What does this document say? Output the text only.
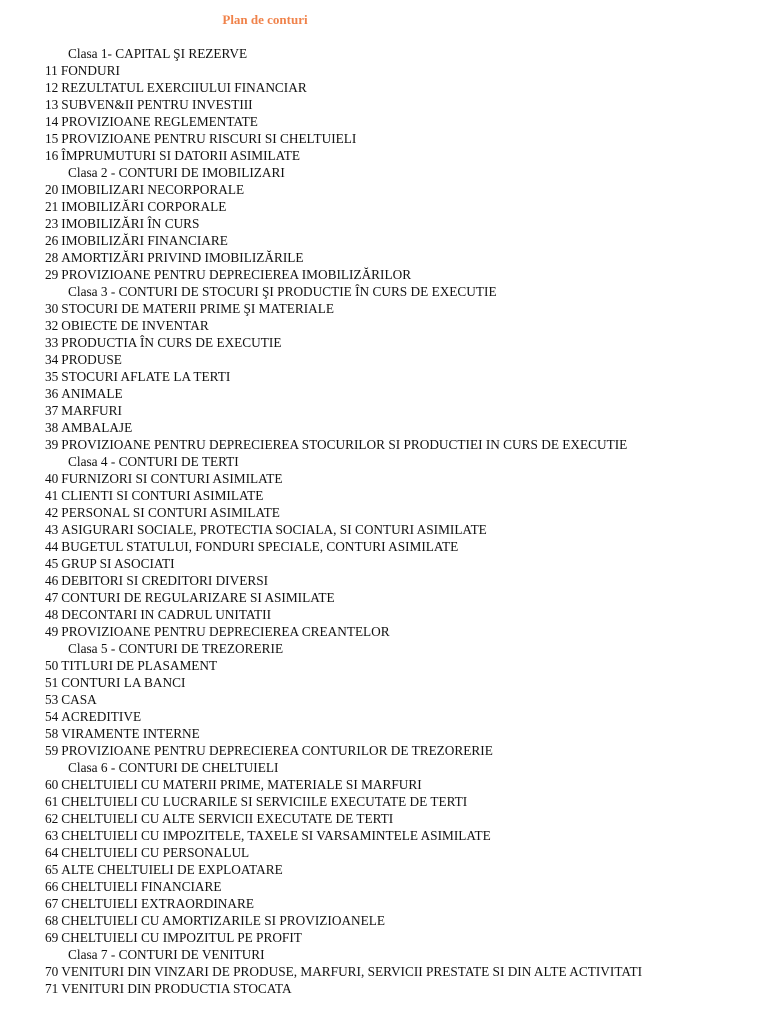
Plan de conturi
Clasa 1- CAPITAL ŞI REZERVE
11 FONDURI
12 REZULTATUL EXERCIIULUI FINANCIAR
13 SUBVEN&II PENTRU INVESTIII
14 PROVIZIOANE REGLEMENTATE
15 PROVIZIOANE PENTRU RISCURI SI CHELTUIELI
16 ÎMPRUMUTURI SI DATORII ASIMILATE
Clasa 2 - CONTURI DE IMOBILIZARI
20 IMOBILIZARI NECORPORALE
21 IMOBILIZĂRI CORPORALE
23 IMOBILIZĂRI ÎN CURS
26 IMOBILIZĂRI FINANCIARE
28 AMORTIZĂRI PRIVIND IMOBILIZĂRILE
29 PROVIZIOANE PENTRU DEPRECIEREA IMOBILIZĂRILOR
Clasa 3 - CONTURI DE STOCURI ŞI PRODUCTIE ÎN CURS DE EXECUTIE
30 STOCURI DE MATERII PRIME ŞI MATERIALE
32 OBIECTE DE INVENTAR
33 PRODUCTIA ÎN CURS DE EXECUTIE
34 PRODUSE
35 STOCURI AFLATE LA TERTI
36 ANIMALE
37 MARFURI
38 AMBALAJE
39 PROVIZIOANE PENTRU DEPRECIEREA STOCURILOR SI PRODUCTIEI IN CURS DE EXECUTIE
Clasa 4 - CONTURI DE TERTI
40 FURNIZORI SI CONTURI ASIMILATE
41 CLIENTI SI CONTURI ASIMILATE
42 PERSONAL SI CONTURI ASIMILATE
43 ASIGURARI SOCIALE, PROTECTIA SOCIALA, SI CONTURI ASIMILATE
44 BUGETUL STATULUI, FONDURI SPECIALE, CONTURI ASIMILATE
45 GRUP SI ASOCIATI
46 DEBITORI SI CREDITORI DIVERSI
47 CONTURI DE REGULARIZARE SI ASIMILATE
48 DECONTARI IN CADRUL UNITATII
49 PROVIZIOANE PENTRU DEPRECIEREA CREANTELOR
Clasa 5 - CONTURI DE TREZORERIE
50 TITLURI DE PLASAMENT
51 CONTURI LA BANCI
53 CASA
54 ACREDITIVE
58 VIRAMENTE INTERNE
59 PROVIZIOANE PENTRU DEPRECIEREA CONTURILOR DE TREZORERIE
Clasa 6 - CONTURI DE CHELTUIELI
60 CHELTUIELI CU MATERII PRIME, MATERIALE SI MARFURI
61 CHELTUIELI CU LUCRARILE SI SERVICIILE EXECUTATE DE TERTI
62 CHELTUIELI CU ALTE SERVICII EXECUTATE DE TERTI
63 CHELTUIELI CU IMPOZITELE, TAXELE SI VARSAMINTELE ASIMILATE
64 CHELTUIELI CU PERSONALUL
65 ALTE CHELTUIELI DE EXPLOATARE
66 CHELTUIELI FINANCIARE
67 CHELTUIELI EXTRAORDINARE
68 CHELTUIELI CU AMORTIZARILE SI PROVIZIOANELE
69 CHELTUIELI CU IMPOZITUL PE PROFIT
Clasa 7 - CONTURI DE VENITURI
70 VENITURI DIN VINZARI DE PRODUSE, MARFURI, SERVICII PRESTATE SI DIN ALTE ACTIVITATI
71 VENITURI DIN PRODUCTIA STOCATA
